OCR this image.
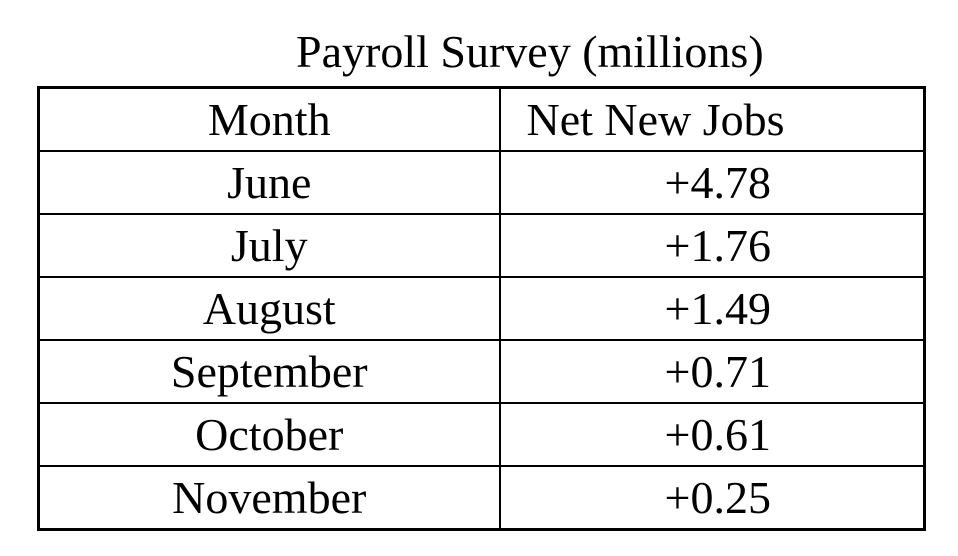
Payroll Survey (millions)
Month	Net New Jobs
June	+4.78
July	+1.76
August	+1.49
September	+0.71
October	+0.61
November	+0.25
